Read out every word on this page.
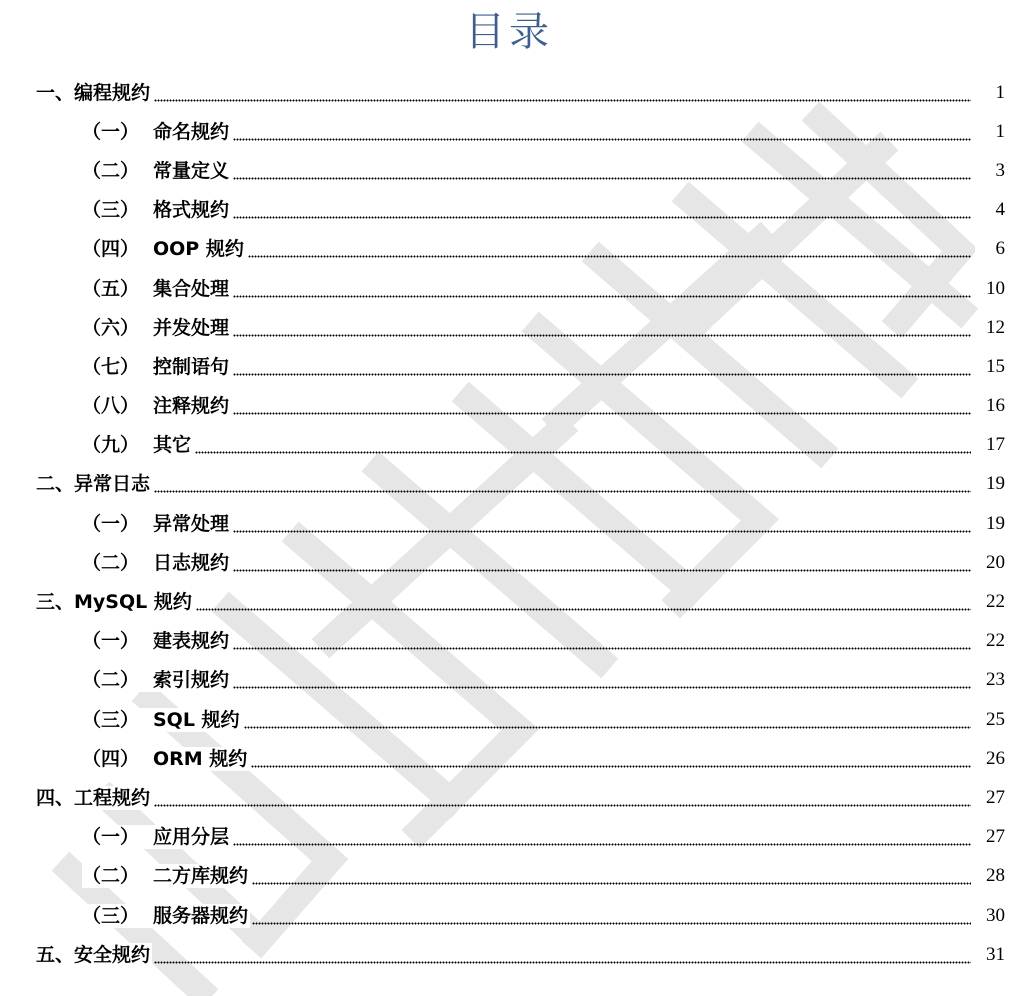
目录
一、 编程规约	1
（一） 命名规约	1
（二） 常量定义	3
（三） 格式规约	4
（四） OOP 规约	6
（五） 集合处理	10
（六） 并发处理	12
（七） 控制语句	15
（八） 注释规约	16
（九） 其它	17
二、 异常日志	19
（一） 异常处理	19
（二） 日志规约	20
三、 MySQL 规约	22
（一） 建表规约	22
（二） 索引规约	23
（三） SQL 规约	25
（四） ORM 规约	26
四、 工程规约	27
（一） 应用分层	27
（二） 二方库规约	28
（三） 服务器规约	30
五、 安全规约	31
